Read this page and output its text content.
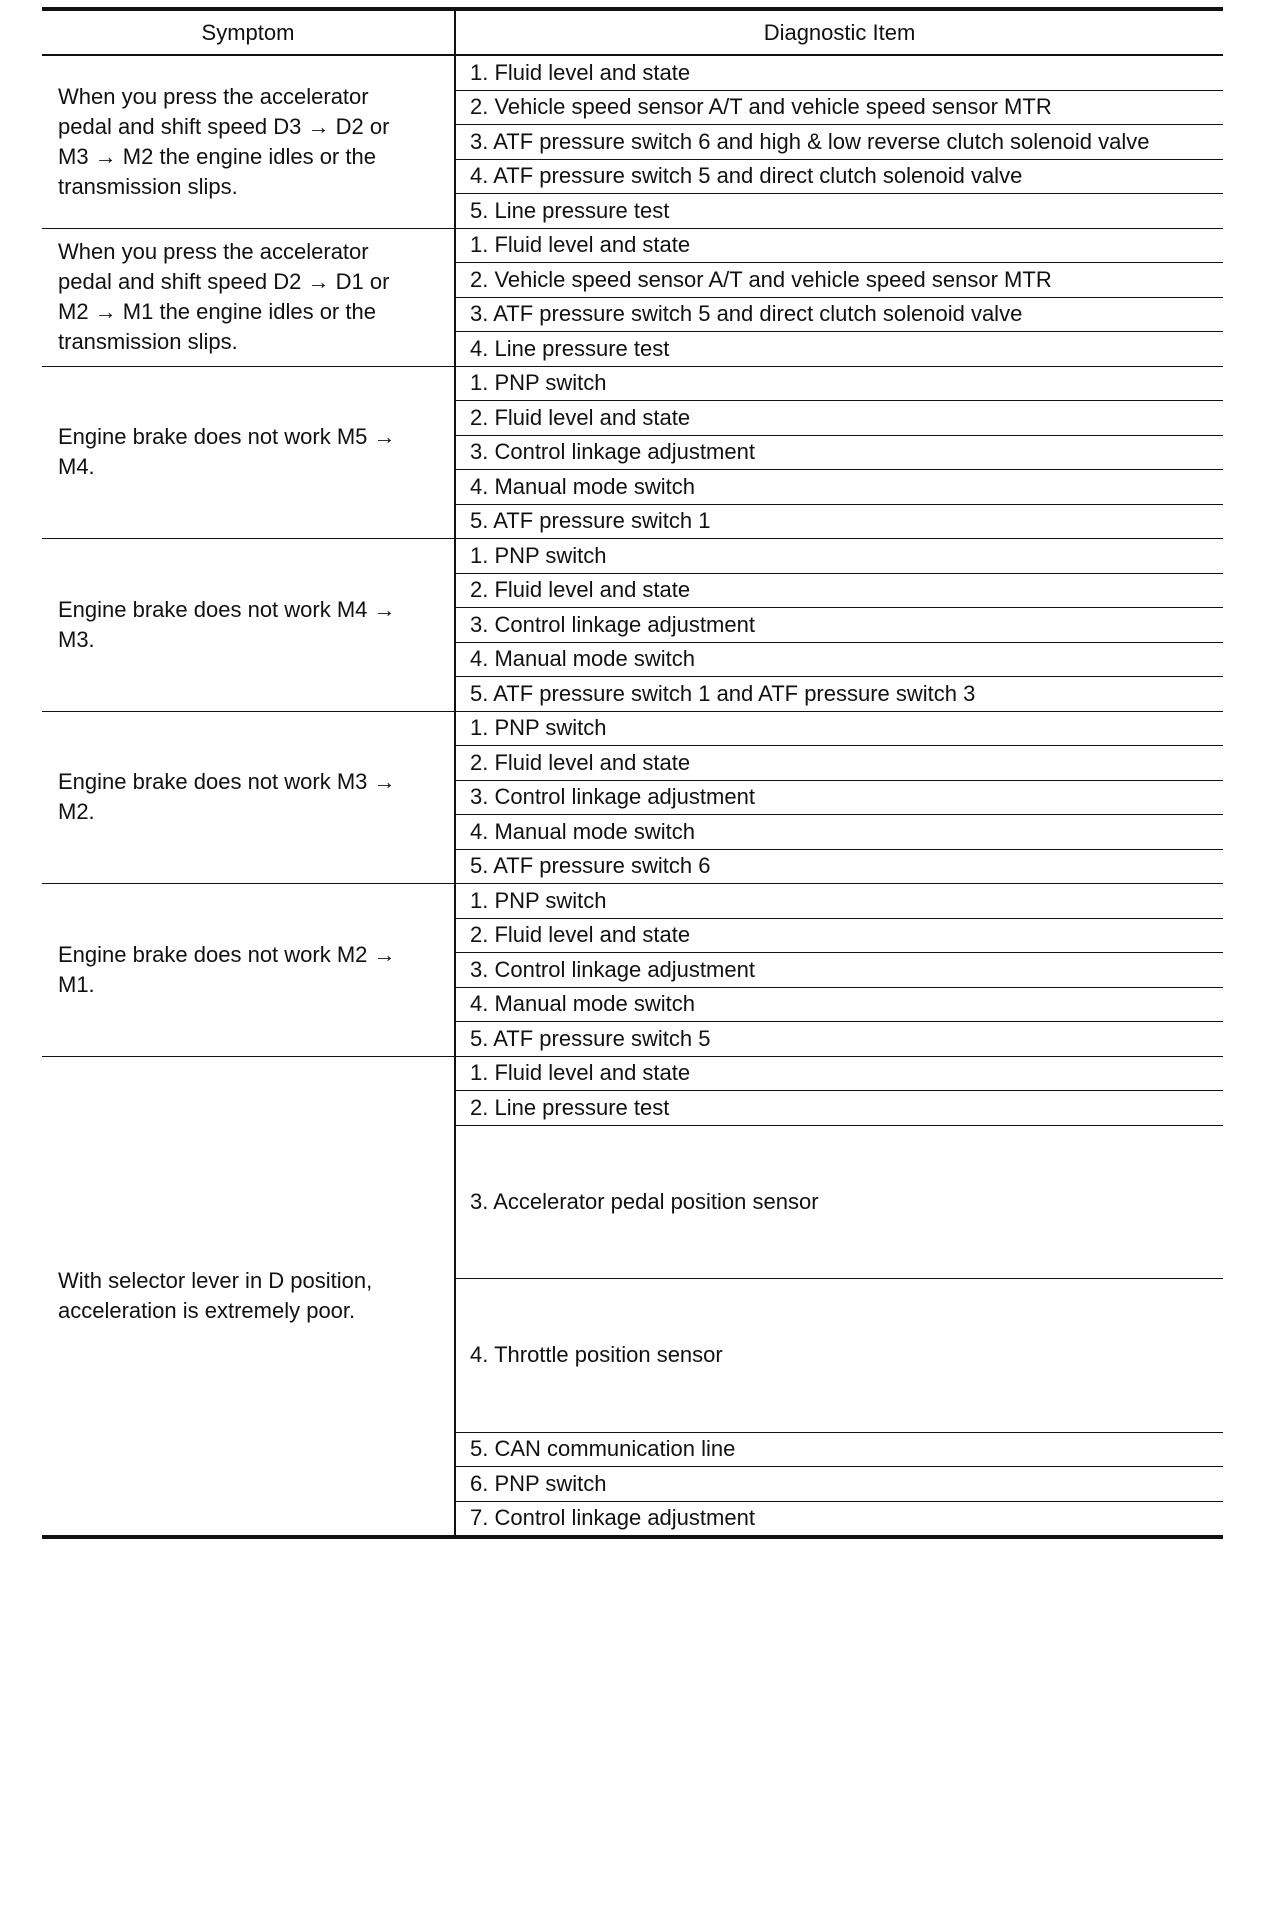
Symptom	Diagnostic Item

When you press the accelerator
pedal and shift speed D3 → D2 or
M3 → M2 the engine idles or the
transmission slips.	1. Fluid level and state
	2. Vehicle speed sensor A/T and vehicle speed sensor MTR
	3. ATF pressure switch 6 and high & low reverse clutch solenoid valve
	4. ATF pressure switch 5 and direct clutch solenoid valve
	5. Line pressure test

When you press the accelerator
pedal and shift speed D2 → D1 or
M2 → M1 the engine idles or the
transmission slips.	1. Fluid level and state
	2. Vehicle speed sensor A/T and vehicle speed sensor MTR
	3. ATF pressure switch 5 and direct clutch solenoid valve
	4. Line pressure test

Engine brake does not work M5 →
M4.	1. PNP switch
	2. Fluid level and state
	3. Control linkage adjustment
	4. Manual mode switch
	5. ATF pressure switch 1

Engine brake does not work M4 →
M3.	1. PNP switch
	2. Fluid level and state
	3. Control linkage adjustment
	4. Manual mode switch
	5. ATF pressure switch 1 and ATF pressure switch 3

Engine brake does not work M3 →
M2.	1. PNP switch
	2. Fluid level and state
	3. Control linkage adjustment
	4. Manual mode switch
	5. ATF pressure switch 6

Engine brake does not work M2 →
M1.	1. PNP switch
	2. Fluid level and state
	3. Control linkage adjustment
	4. Manual mode switch
	5. ATF pressure switch 5

With selector lever in D position,
acceleration is extremely poor.	1. Fluid level and state
	2. Line pressure test
	3. Accelerator pedal position sensor
	4. Throttle position sensor
	5. CAN communication line
	6. PNP switch
	7. Control linkage adjustment
